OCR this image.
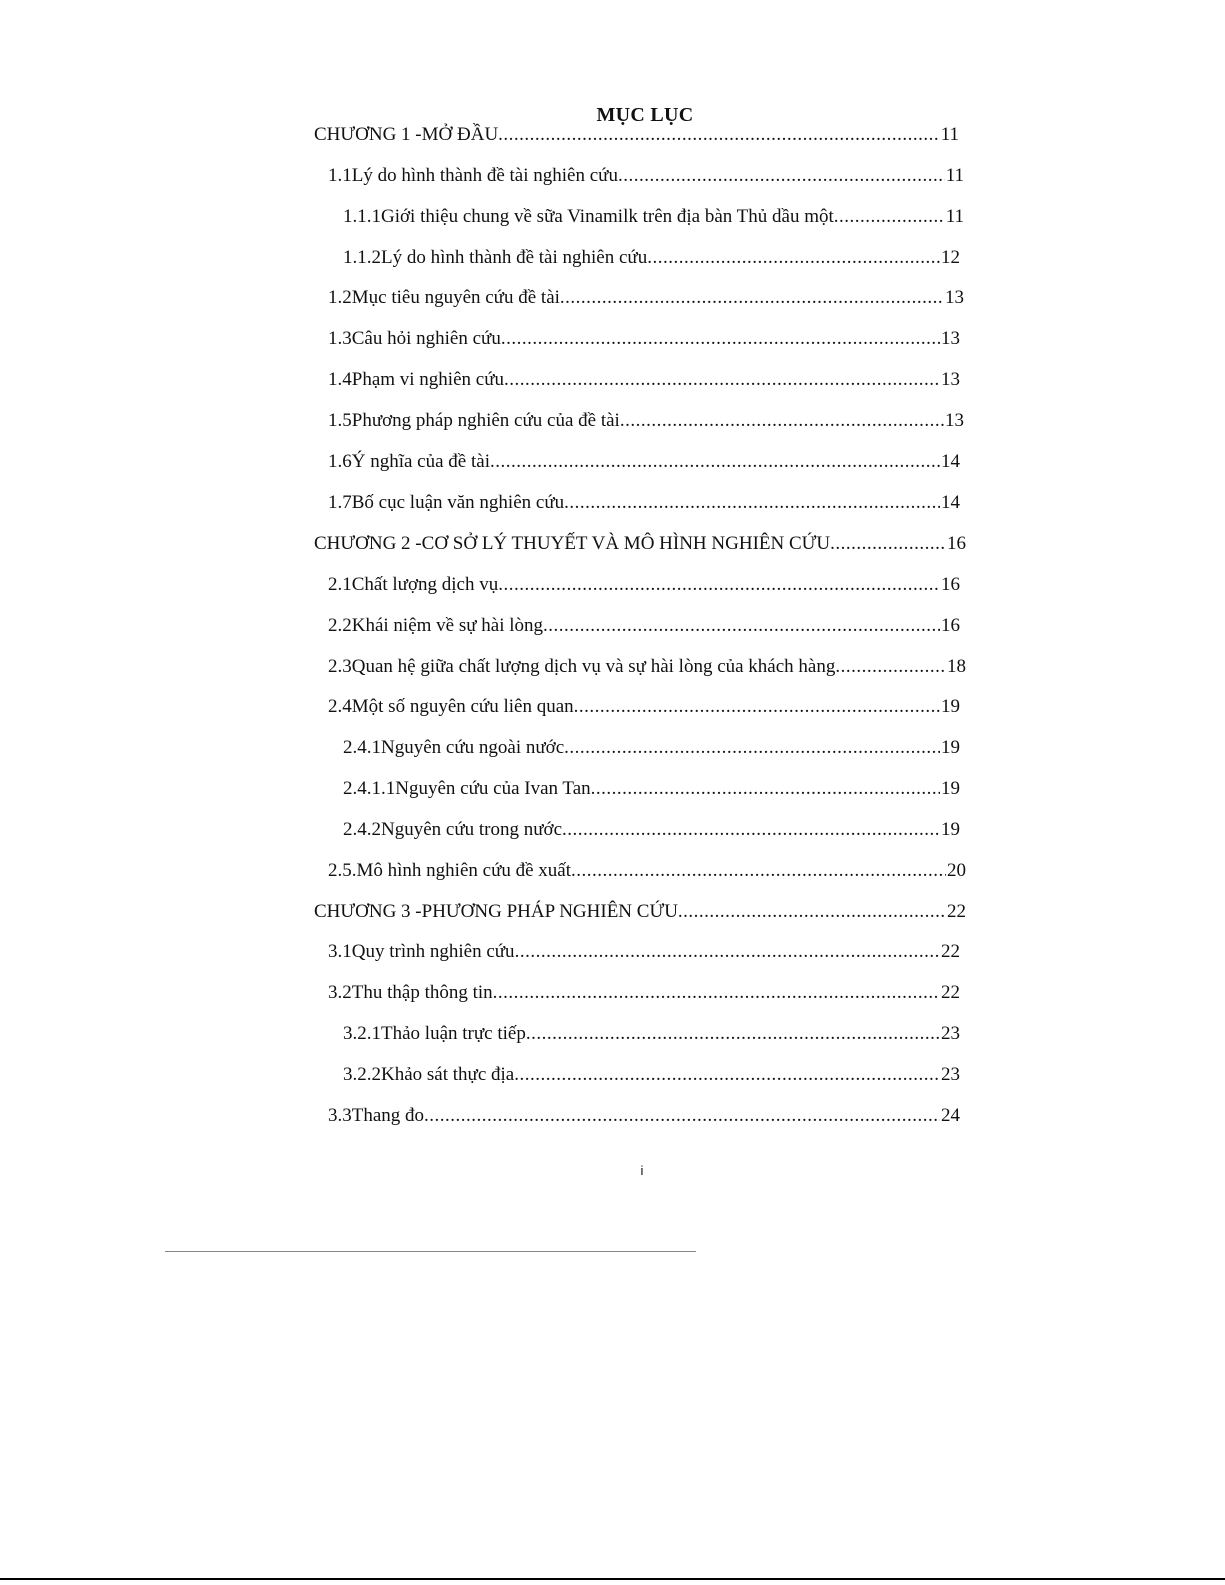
MỤC LỤC
CHƯƠNG 1 - MỞ ĐẦU .....	11
1.1 Lý do hình thành đề tài nghiên cứu .....	11
1.1.1 Giới thiệu chung về sữa Vinamilk trên địa bàn Thủ dầu một .....	11
1.1.2 Lý do hình thành đề tài nghiên cứu .....	12
1.2 Mục tiêu nguyên cứu đề tài .....	13
1.3 Câu hỏi nghiên cứu .....	13
1.4 Phạm vi nghiên cứu .....	13
1.5 Phương pháp nghiên cứu của đề tài .....	13
1.6 Ý nghĩa của đề tài .....	14
1.7 Bố cục luận văn nghiên cứu .....	14
CHƯƠNG 2 - CƠ SỞ LÝ THUYẾT VÀ MÔ HÌNH NGHIÊN CỨU .....	16
2.1 Chất lượng dịch vụ .....	16
2.2 Khái niệm về sự hài lòng .....	16
2.3 Quan hệ giữa chất lượng dịch vụ và sự hài lòng của khách hàng .....	18
2.4 Một số nguyên cứu liên quan .....	19
2.4.1 Nguyên cứu ngoài nước .....	19
2.4.1.1 Nguyên cứu của Ivan Tan .....	19
2.4.2 Nguyên cứu trong nước .....	19
2.5. Mô hình nghiên cứu đề xuất .....	20
CHƯƠNG 3 - PHƯƠNG PHÁP NGHIÊN CỨU .....	22
3.1 Quy trình nghiên cứu .....	22
3.2 Thu thập thông tin .....	22
3.2.1 Thảo luận trực tiếp .....	23
3.2.2 Khảo sát thực địa .....	23
3.3 Thang đo .....	24
i
